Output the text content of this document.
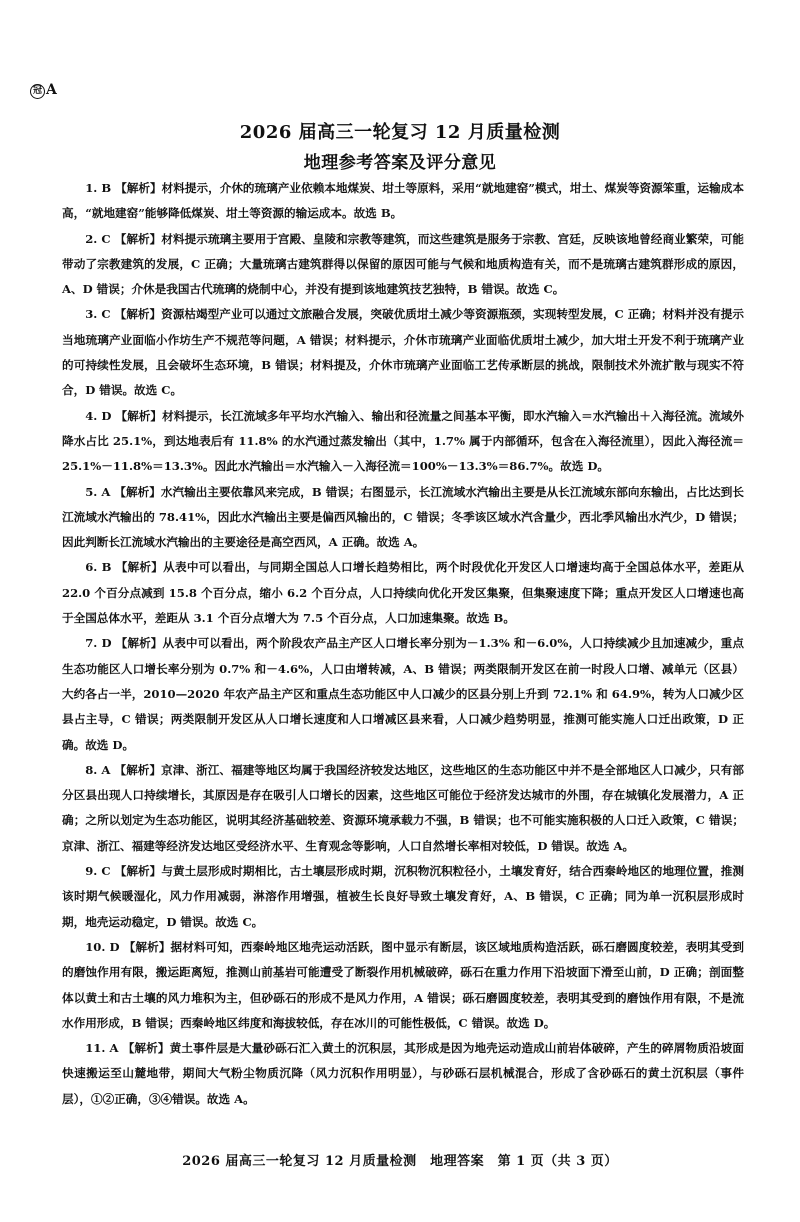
冠 A
2026 届高三一轮复习 12 月质量检测
地理参考答案及评分意见

1. B 【解析】材料提示，介休的琉璃产业依赖本地煤炭、坩土等原料，采用“就地建窑”模式，坩土、煤炭等资源笨重，运输成本高，“就地建窑”能够降低煤炭、坩土等资源的输运成本。故选 B。

2. C 【解析】材料提示琉璃主要用于宫殿、皇陵和宗教等建筑，而这些建筑是服务于宗教、宫廷，反映该地曾经商业繁荣，可能带动了宗教建筑的发展，C 正确；大量琉璃古建筑群得以保留的原因可能与气候和地质构造有关，而不是琉璃古建筑群形成的原因，A、D 错误；介休是我国古代琉璃的烧制中心，并没有提到该地建筑技艺独特，B 错误。故选 C。

3. C 【解析】资源枯竭型产业可以通过文旅融合发展，突破优质坩土减少等资源瓶颈，实现转型发展，C 正确；材料并没有提示当地琉璃产业面临小作坊生产不规范等问题，A 错误；材料提示，介休市琉璃产业面临优质坩土减少，加大坩土开发不利于琉璃产业的可持续性发展，且会破坏生态环境，B 错误；材料提及，介休市琉璃产业面临工艺传承断层的挑战，限制技术外流扩散与现实不符合，D 错误。故选 C。

4. D 【解析】材料提示，长江流域多年平均水汽输入、输出和径流量之间基本平衡，即水汽输入＝水汽输出＋入海径流。流域外降水占比 25.1%，到达地表后有 11.8% 的水汽通过蒸发输出（其中，1.7% 属于内部循环，包含在入海径流里），因此入海径流＝25.1%－11.8%＝13.3%。因此水汽输出＝水汽输入－入海径流＝100%－13.3%＝86.7%。故选 D。

5. A 【解析】水汽输出主要依靠风来完成，B 错误；右图显示，长江流域水汽输出主要是从长江流域东部向东输出，占比达到长江流域水汽输出的 78.41%，因此水汽输出主要是偏西风输出的，C 错误；冬季该区域水汽含量少，西北季风输出水汽少，D 错误；因此判断长江流域水汽输出的主要途径是高空西风，A 正确。故选 A。

6. B 【解析】从表中可以看出，与同期全国总人口增长趋势相比，两个时段优化开发区人口增速均高于全国总体水平，差距从 22.0 个百分点减到 15.8 个百分点，缩小 6.2 个百分点，人口持续向优化开发区集聚，但集聚速度下降；重点开发区人口增速也高于全国总体水平，差距从 3.1 个百分点增大为 7.5 个百分点，人口加速集聚。故选 B。

7. D 【解析】从表中可以看出，两个阶段农产品主产区人口增长率分别为－1.3% 和－6.0%，人口持续减少且加速减少，重点生态功能区人口增长率分别为 0.7% 和－4.6%，人口由增转减，A、B 错误；两类限制开发区在前一时段人口增、减单元（区县）大约各占一半，2010—2020 年农产品主产区和重点生态功能区中人口减少的区县分别上升到 72.1% 和 64.9%，转为人口减少区县占主导，C 错误；两类限制开发区从人口增长速度和人口增减区县来看，人口减少趋势明显，推测可能实施人口迁出政策，D 正确。故选 D。

8. A 【解析】京津、浙江、福建等地区均属于我国经济较发达地区，这些地区的生态功能区中并不是全部地区人口减少，只有部分区县出现人口持续增长，其原因是存在吸引人口增长的因素，这些地区可能位于经济发达城市的外围，存在城镇化发展潜力，A 正确；之所以划定为生态功能区，说明其经济基础较差、资源环境承载力不强，B 错误；也不可能实施积极的人口迁入政策，C 错误；京津、浙江、福建等经济发达地区受经济水平、生育观念等影响，人口自然增长率相对较低，D 错误。故选 A。

9. C 【解析】与黄土层形成时期相比，古土壤层形成时期，沉积物沉积粒径小，土壤发育好，结合西秦岭地区的地理位置，推测该时期气候暖湿化，风力作用减弱，淋溶作用增强，植被生长良好导致土壤发育好，A、B 错误，C 正确；同为单一沉积层形成时期，地壳运动稳定，D 错误。故选 C。

10. D 【解析】据材料可知，西秦岭地区地壳运动活跃，图中显示有断层，该区域地质构造活跃，砾石磨圆度较差，表明其受到的磨蚀作用有限，搬运距离短，推测山前基岩可能遭受了断裂作用机械破碎，砾石在重力作用下沿坡面下滑至山前，D 正确；剖面整体以黄土和古土壤的风力堆积为主，但砂砾石的形成不是风力作用，A 错误；砾石磨圆度较差，表明其受到的磨蚀作用有限，不是流水作用形成，B 错误；西秦岭地区纬度和海拔较低，存在冰川的可能性极低，C 错误。故选 D。

11. A 【解析】黄土事件层是大量砂砾石汇入黄土的沉积层，其形成是因为地壳运动造成山前岩体破碎，产生的碎屑物质沿坡面快速搬运至山麓地带，期间大气粉尘物质沉降（风力沉积作用明显），与砂砾石层机械混合，形成了含砂砾石的黄土沉积层（事件层），①②正确，③④错误。故选 A。

2026 届高三一轮复习 12 月质量检测　地理答案　第 1 页（共 3 页）
